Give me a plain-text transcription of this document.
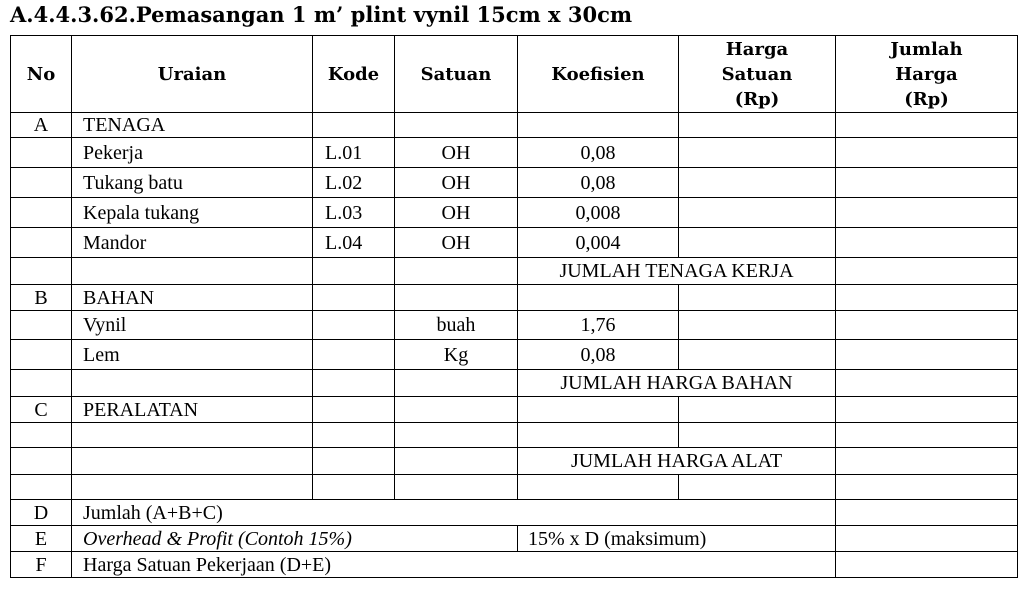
A.4.4.3.62.Pemasangan 1 m’ plint vynil 15cm x 30cm
No	Uraian	Kode	Satuan	Koefisien	Harga Satuan (Rp)	Jumlah Harga (Rp)
A	TENAGA					
	Pekerja	L.01	OH	0,08		
	Tukang batu	L.02	OH	0,08		
	Kepala tukang	L.03	OH	0,008		
	Mandor	L.04	OH	0,004		
				JUMLAH TENAGA KERJA		
B	BAHAN					
	Vynil		buah	1,76		
	Lem		Kg	0,08		
				JUMLAH HARGA BAHAN		
C	PERALATAN					

				JUMLAH HARGA ALAT		

D	Jumlah (A+B+C)					
E	Overhead & Profit (Contoh 15%)			15% x D (maksimum)		
F	Harga Satuan Pekerjaan (D+E)					
